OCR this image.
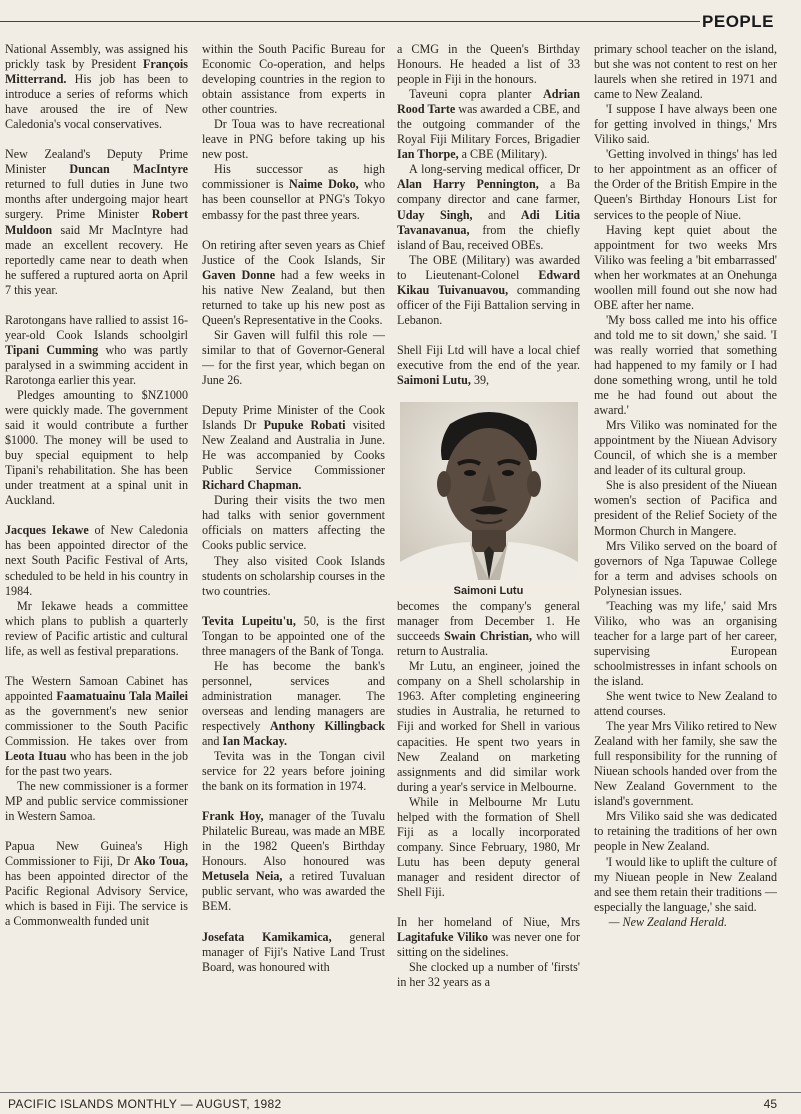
PEOPLE

National Assembly, was assigned his prickly task by President François Mitterrand. His job has been to introduce a series of reforms which have aroused the ire of New Caledonia's vocal conservatives.

New Zealand's Deputy Prime Minister Duncan MacIntyre returned to full duties in June two months after undergoing major heart surgery. Prime Minister Robert Muldoon said Mr MacIntyre had made an excellent recovery. He reportedly came near to death when he suffered a ruptured aorta on April 7 this year.

Rarotongans have rallied to assist 16-year-old Cook Islands schoolgirl Tipani Cumming who was partly paralysed in a swimming accident in Rarotonga earlier this year.

Pledges amounting to $NZ1000 were quickly made. The government said it would contribute a further $1000. The money will be used to buy special equipment to help Tipani's rehabilitation. She has been under treatment at a spinal unit in Auckland.

Jacques Iekawe of New Caledonia has been appointed director of the next South Pacific Festival of Arts, scheduled to be held in his country in 1984.

Mr Iekawe heads a committee which plans to publish a quarterly review of Pacific artistic and cultural life, as well as festival preparations.

The Western Samoan Cabinet has appointed Faamatuainu Tala Mailei as the government's new senior commissioner to the South Pacific Commission. He takes over from Leota Ituau who has been in the job for the past two years.

The new commissioner is a former MP and public service commissioner in Western Samoa.

Papua New Guinea's High Commissioner to Fiji, Dr Ako Toua, has been appointed director of the Pacific Regional Advisory Service, which is based in Fiji. The service is a Commonwealth funded unit

within the South Pacific Bureau for Economic Co-operation, and helps developing countries in the region to obtain assistance from experts in other countries.

Dr Toua was to have recreational leave in PNG before taking up his new post.

His successor as high commissioner is Naime Doko, who has been counsellor at PNG's Tokyo embassy for the past three years.

On retiring after seven years as Chief Justice of the Cook Islands, Sir Gaven Donne had a few weeks in his native New Zealand, but then returned to take up his new post as Queen's Representative in the Cooks.

Sir Gaven will fulfil this role — similar to that of Governor-General — for the first year, which began on June 26.

Deputy Prime Minister of the Cook Islands Dr Pupuke Robati visited New Zealand and Australia in June. He was accompanied by Cooks Public Service Commissioner Richard Chapman.

During their visits the two men had talks with senior government officials on matters affecting the Cooks public service.

They also visited Cook Islands students on scholarship courses in the two countries.

Tevita Lupeitu'u, 50, is the first Tongan to be appointed one of the three managers of the Bank of Tonga.

He has become the bank's personnel, services and administration manager. The overseas and lending managers are respectively Anthony Killingback and Ian Mackay.

Tevita was in the Tongan civil service for 22 years before joining the bank on its formation in 1974.

Frank Hoy, manager of the Tuvalu Philatelic Bureau, was made an MBE in the 1982 Queen's Birthday Honours. Also honoured was Metusela Neia, a retired Tuvaluan public servant, who was awarded the BEM.

Josefata Kamikamica, general manager of Fiji's Native Land Trust Board, was honoured with

a CMG in the Queen's Birthday Honours. He headed a list of 33 people in Fiji in the honours.

Taveuni copra planter Adrian Rood Tarte was awarded a CBE, and the outgoing commander of the Royal Fiji Military Forces, Brigadier Ian Thorpe, a CBE (Military).

A long-serving medical officer, Dr Alan Harry Pennington, a Ba company director and cane farmer, Uday Singh, and Adi Litia Tavanavanua, from the chiefly island of Bau, received OBEs.

The OBE (Military) was awarded to Lieutenant-Colonel Edward Kikau Tuivanuavou, commanding officer of the Fiji Battalion serving in Lebanon.

Shell Fiji Ltd will have a local chief executive from the end of the year. Saimoni Lutu, 39,

Saimoni Lutu

becomes the company's general manager from December 1. He succeeds Swain Christian, who will return to Australia.

Mr Lutu, an engineer, joined the company on a Shell scholarship in 1963. After completing engineering studies in Australia, he returned to Fiji and worked for Shell in various capacities. He spent two years in New Zealand on marketing assignments and did similar work during a year's service in Melbourne.

While in Melbourne Mr Lutu helped with the formation of Shell Fiji as a locally incorporated company. Since February, 1980, Mr Lutu has been deputy general manager and resident director of Shell Fiji.

In her homeland of Niue, Mrs Lagitafuke Viliko was never one for sitting on the sidelines.

She clocked up a number of 'firsts' in her 32 years as a

primary school teacher on the island, but she was not content to rest on her laurels when she retired in 1971 and came to New Zealand.

'I suppose I have always been one for getting involved in things,' Mrs Viliko said.

'Getting involved in things' has led to her appointment as an officer of the Order of the British Empire in the Queen's Birthday Honours List for services to the people of Niue.

Having kept quiet about the appointment for two weeks Mrs Viliko was feeling a 'bit embarrassed' when her workmates at an Onehunga woollen mill found out she now had OBE after her name.

'My boss called me into his office and told me to sit down,' she said. 'I was really worried that something had happened to my family or I had done something wrong, until he told me he had found out about the award.'

Mrs Viliko was nominated for the appointment by the Niuean Advisory Council, of which she is a member and leader of its cultural group.

She is also president of the Niuean women's section of Pacifica and president of the Relief Society of the Mormon Church in Mangere.

Mrs Viliko served on the board of governors of Nga Tapuwae College for a term and advises schools on Polynesian issues.

'Teaching was my life,' said Mrs Viliko, who was an organising teacher for a large part of her career, supervising European schoolmistresses in infant schools on the island.

She went twice to New Zealand to attend courses.

The year Mrs Viliko retired to New Zealand with her family, she saw the full responsibility for the running of Niuean schools handed over from the New Zealand Government to the island's government.

Mrs Viliko said she was dedicated to retaining the traditions of her own people in New Zealand.

'I would like to uplift the culture of my Niuean people in New Zealand and see them retain their traditions — especially the language,' she said.

— New Zealand Herald.

PACIFIC ISLANDS MONTHLY — AUGUST, 1982	45
